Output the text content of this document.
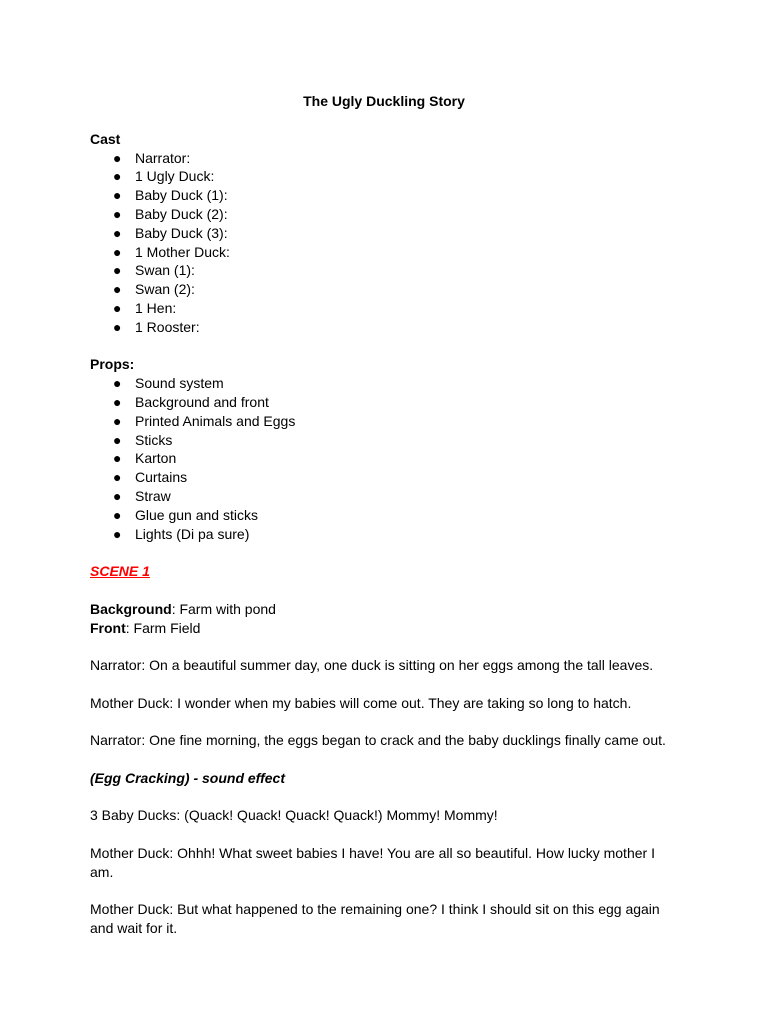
The Ugly Duckling Story

Cast

● Narrator:
● 1 Ugly Duck:
● Baby Duck (1):
● Baby Duck (2):
● Baby Duck (3):
● 1 Mother Duck:
● Swan (1):
● Swan (2):
● 1 Hen:
● 1 Rooster:

Props:

● Sound system
● Background and front
● Printed Animals and Eggs
● Sticks
● Karton
● Curtains
● Straw
● Glue gun and sticks
● Lights (Di pa sure)

SCENE 1

Background: Farm with pond

Front: Farm Field

Narrator: On a beautiful summer day, one duck is sitting on her eggs among the tall leaves.

Mother Duck: I wonder when my babies will come out. They are taking so long to hatch.

Narrator: One fine morning, the eggs began to crack and the baby ducklings finally came out.

(Egg Cracking) - sound effect

3 Baby Ducks: (Quack! Quack! Quack! Quack!) Mommy! Mommy!

Mother Duck: Ohhh! What sweet babies I have! You are all so beautiful. How lucky mother I am.

Mother Duck: But what happened to the remaining one? I think I should sit on this egg again and wait for it.
